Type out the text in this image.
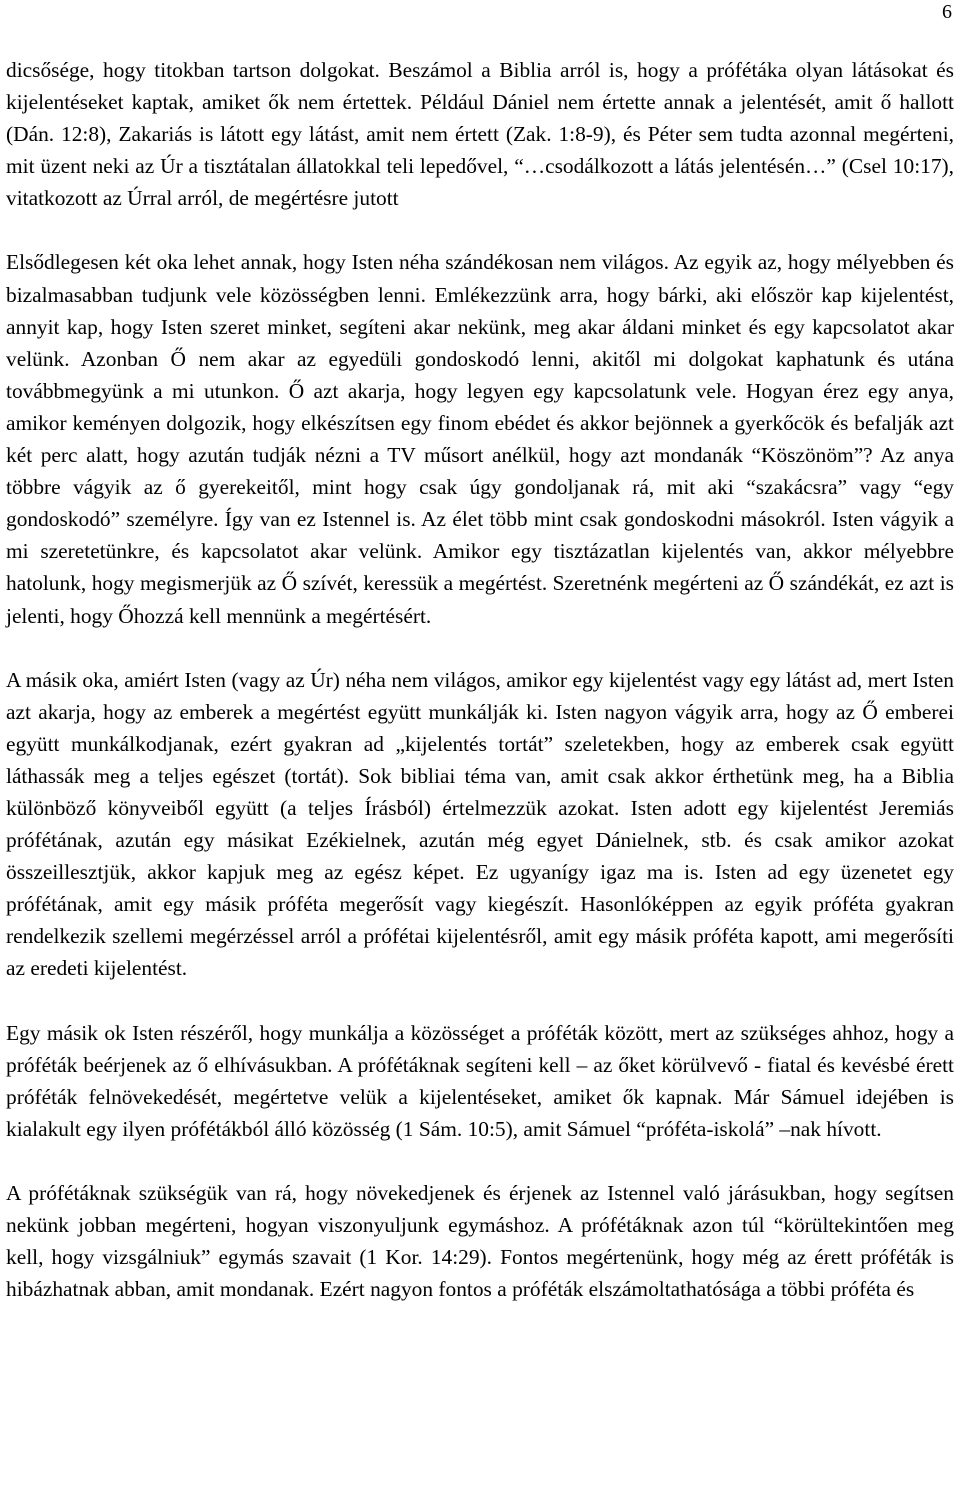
6

dicsősége, hogy titokban tartson dolgokat. Beszámol a Biblia arról is, hogy a prófétáka olyan látásokat és kijelentéseket kaptak, amiket ők nem értettek. Például Dániel nem értette annak a jelentését, amit ő hallott (Dán. 12:8), Zakariás is látott egy látást, amit nem értett (Zak. 1:8-9), és Péter sem tudta azonnal megérteni, mit üzent neki az Úr a tisztátalan állatokkal teli lepedővel, “…csodálkozott a látás jelentésén…” (Csel 10:17), vitatkozott az Úrral arról, de megértésre jutott

Elsődlegesen két oka lehet annak, hogy Isten néha szándékosan nem világos. Az egyik az, hogy mélyebben és bizalmasabban tudjunk vele közösségben lenni. Emlékezzünk arra, hogy bárki, aki először kap kijelentést, annyit kap, hogy Isten szeret minket, segíteni akar nekünk, meg akar áldani minket és egy kapcsolatot akar velünk. Azonban Ő nem akar az egyedüli gondoskodó lenni, akitől mi dolgokat kaphatunk és utána továbbmegyünk a mi utunkon. Ő azt akarja, hogy legyen egy kapcsolatunk vele. Hogyan érez egy anya, amikor keményen dolgozik, hogy elkészítsen egy finom ebédet és akkor bejönnek a gyerkőcök és befalják azt két perc alatt, hogy azután tudják nézni a TV műsort anélkül, hogy azt mondanák “Köszönöm”? Az anya többre vágyik az ő gyerekeitől, mint hogy csak úgy gondoljanak rá, mit aki “szakácsra” vagy “egy gondoskodó” személyre. Így van ez Istennel is. Az élet több mint csak gondoskodni másokról. Isten vágyik a mi szeretetünkre, és kapcsolatot akar velünk. Amikor egy tisztázatlan kijelentés van, akkor mélyebbre hatolunk, hogy megismerjük az Ő szívét, keressük a megértést. Szeretnénk megérteni az Ő szándékát, ez azt is jelenti, hogy Őhozzá kell mennünk a megértésért.

A másik oka, amiért Isten (vagy az Úr) néha nem világos, amikor egy kijelentést vagy egy látást ad, mert Isten azt akarja, hogy az emberek a megértést együtt munkálják ki. Isten nagyon vágyik arra, hogy az Ő emberei együtt munkálkodjanak, ezért gyakran ad „kijelentés tortát” szeletekben, hogy az emberek csak együtt láthassák meg a teljes egészet (tortát). Sok bibliai téma van, amit csak akkor érthetünk meg, ha a Biblia különböző könyveiből együtt (a teljes Írásból) értelmezzük azokat. Isten adott egy kijelentést Jeremiás prófétának, azután egy másikat Ezékielnek, azután még egyet Dánielnek, stb. és csak amikor azokat összeillesztjük, akkor kapjuk meg az egész képet. Ez ugyanígy igaz ma is. Isten ad egy üzenetet egy prófétának, amit egy másik próféta megerősít vagy kiegészít. Hasonlóképpen az egyik próféta gyakran rendelkezik szellemi megérzéssel arról a prófétai kijelentésről, amit egy másik próféta kapott, ami megerősíti az eredeti kijelentést.

Egy másik ok Isten részéről, hogy munkálja a közösséget a próféták között, mert az szükséges ahhoz, hogy a próféták beérjenek az ő elhívásukban. A prófétáknak segíteni kell – az őket körülvevő - fiatal és kevésbé érett próféták felnövekedését, megértetve velük a kijelentéseket, amiket ők kapnak. Már Sámuel idejében is kialakult egy ilyen prófétákból álló közösség (1 Sám. 10:5), amit Sámuel “próféta-iskolá” –nak hívott.

A prófétáknak szükségük van rá, hogy növekedjenek és érjenek az Istennel való járásukban, hogy segítsen nekünk jobban megérteni, hogyan viszonyuljunk egymáshoz. A prófétáknak azon túl “körültekintően meg kell, hogy vizsgálniuk” egymás szavait (1 Kor. 14:29). Fontos megértenünk, hogy még az érett próféták is hibázhatnak abban, amit mondanak. Ezért nagyon fontos a próféták elszámoltathatósága a többi próféta és
